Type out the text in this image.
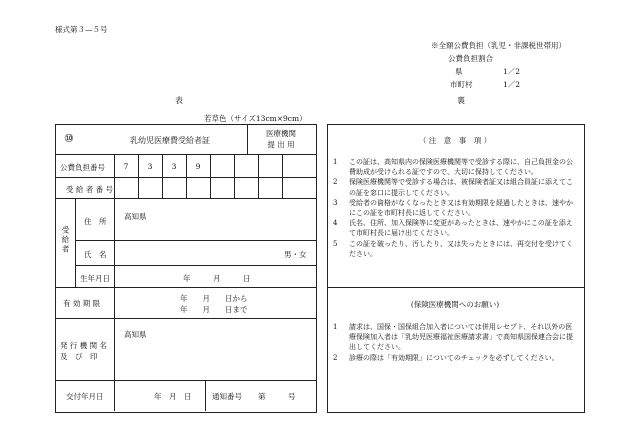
様式第３—５号
※全額公費負担（乳児・非課税世帯用）
公費負担割合
県	1／2
市町村	1／2
表	裏
若草色（サイズ13cm×9cm）
⑩	乳幼児医療費受給者証
医療機関
提 出 用
公費負担番号	7	3	3	9
受 給 者 番 号
受給者
住　所
高知県
氏　名	男・女
生年月日	年　　　月　　　日
有 効 期 限
年　　月　　日から
年　　月　　日まで
発 行 機 関 名
及　び　印
高知県
交付年月日	年　月　日	通知番号 第　　　号
（ 注　意　事　項 ）
1 この証は、高知県内の保険医療機関等で受診する際に、自己負担金の公費助成が受けられる証ですので、大切に保持してください。
2 保険医療機関等で受診する場合は、被保険者証又は組合員証に添えてこの証を窓口に提示してください。
3 受給者の資格がなくなったとき又は有効期限を経過したときは、速やかにこの証を市町村長に返してください。
4 氏名、住所、加入保険等に変更があったときは、速やかにこの証を添えて市町村長に届け出てください。
5 この証を破ったり、汚したり、又は失ったときには、再交付を受けてください。
(保険医療機関へのお願い)
1 請求は、国保・国保組合加入者については併用レセプト、それ以外の医療保険加入者は「乳幼児医療福祉医療請求書」で高知県国保連合会に提出してください。
2 診療の際は「有効期限」についてのチェックを必ずしてください。
